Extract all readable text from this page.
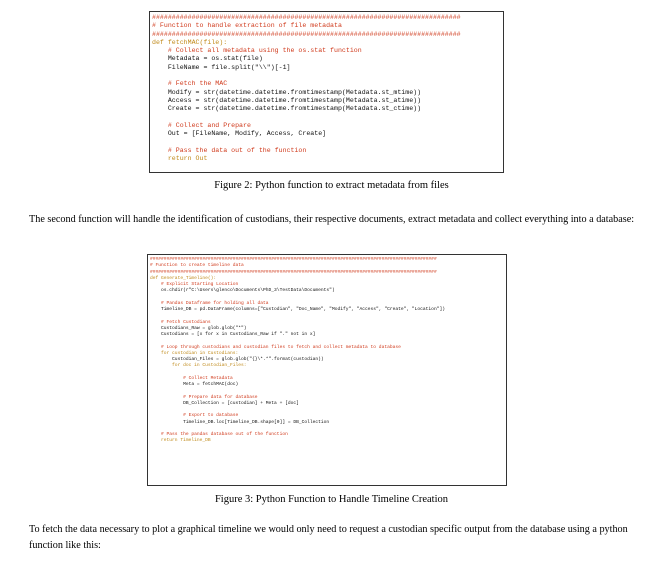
##############################################################################
# Function to handle extraction of file metadata
##############################################################################
def fetchMAC(file):
# Collect all metadata using the os.stat function
Metadata = os.stat(file)
FileName = file.split("\\")[-1]

# Fetch the MAC
Modify = str(datetime.datetime.fromtimestamp(Metadata.st_mtime))
Access = str(datetime.datetime.fromtimestamp(Metadata.st_atime))
Create = str(datetime.datetime.fromtimestamp(Metadata.st_ctime))

# Collect and Prepare
Out = [FileName, Modify, Access, Create]

# Pass the data out of the function
return Out
Figure 2: Python function to extract metadata from files
The second function will handle the identification of custodians, their respective documents, extract metadata and collect everything into a database:
########################################################################################################
# Function to create timeline data
########################################################################################################
def Generate_Timeline():
# Explicit Starting Location
os.chdir(r"C:\Users\glenco\Documents\PhD_3\TestData\Documents")

# Pandas Dataframe for holding all data
Timeline_DB = pd.DataFrame(columns=["Custodian", "Doc_Name", "Modify", "Access", "Create", "Location"])

# Fetch Custodians
Custodians_Raw = glob.glob("*")
Custodians = [x for x in Custodians_Raw if "." not in x]

# Loop through custodians and custodian files to fetch and collect metadata to database
for custodian in Custodians:
Custodian_Files = glob.glob("{}\*.*".format(custodian))
for doc in Custodian_Files:

# Collect Metadata
Meta = fetchMAC(doc)

# Prepare data for database
DB_Collection = [custodian] + Meta + [doc]

# Export to database
Timeline_DB.loc[Timeline_DB.shape[0]] = DB_Collection

# Pass the pandas database out of the function
return Timeline_DB
Figure 3: Python Function to Handle Timeline Creation
To fetch the data necessary to plot a graphical timeline we would only need to request a custodian specific output from the database using a python function like this:
